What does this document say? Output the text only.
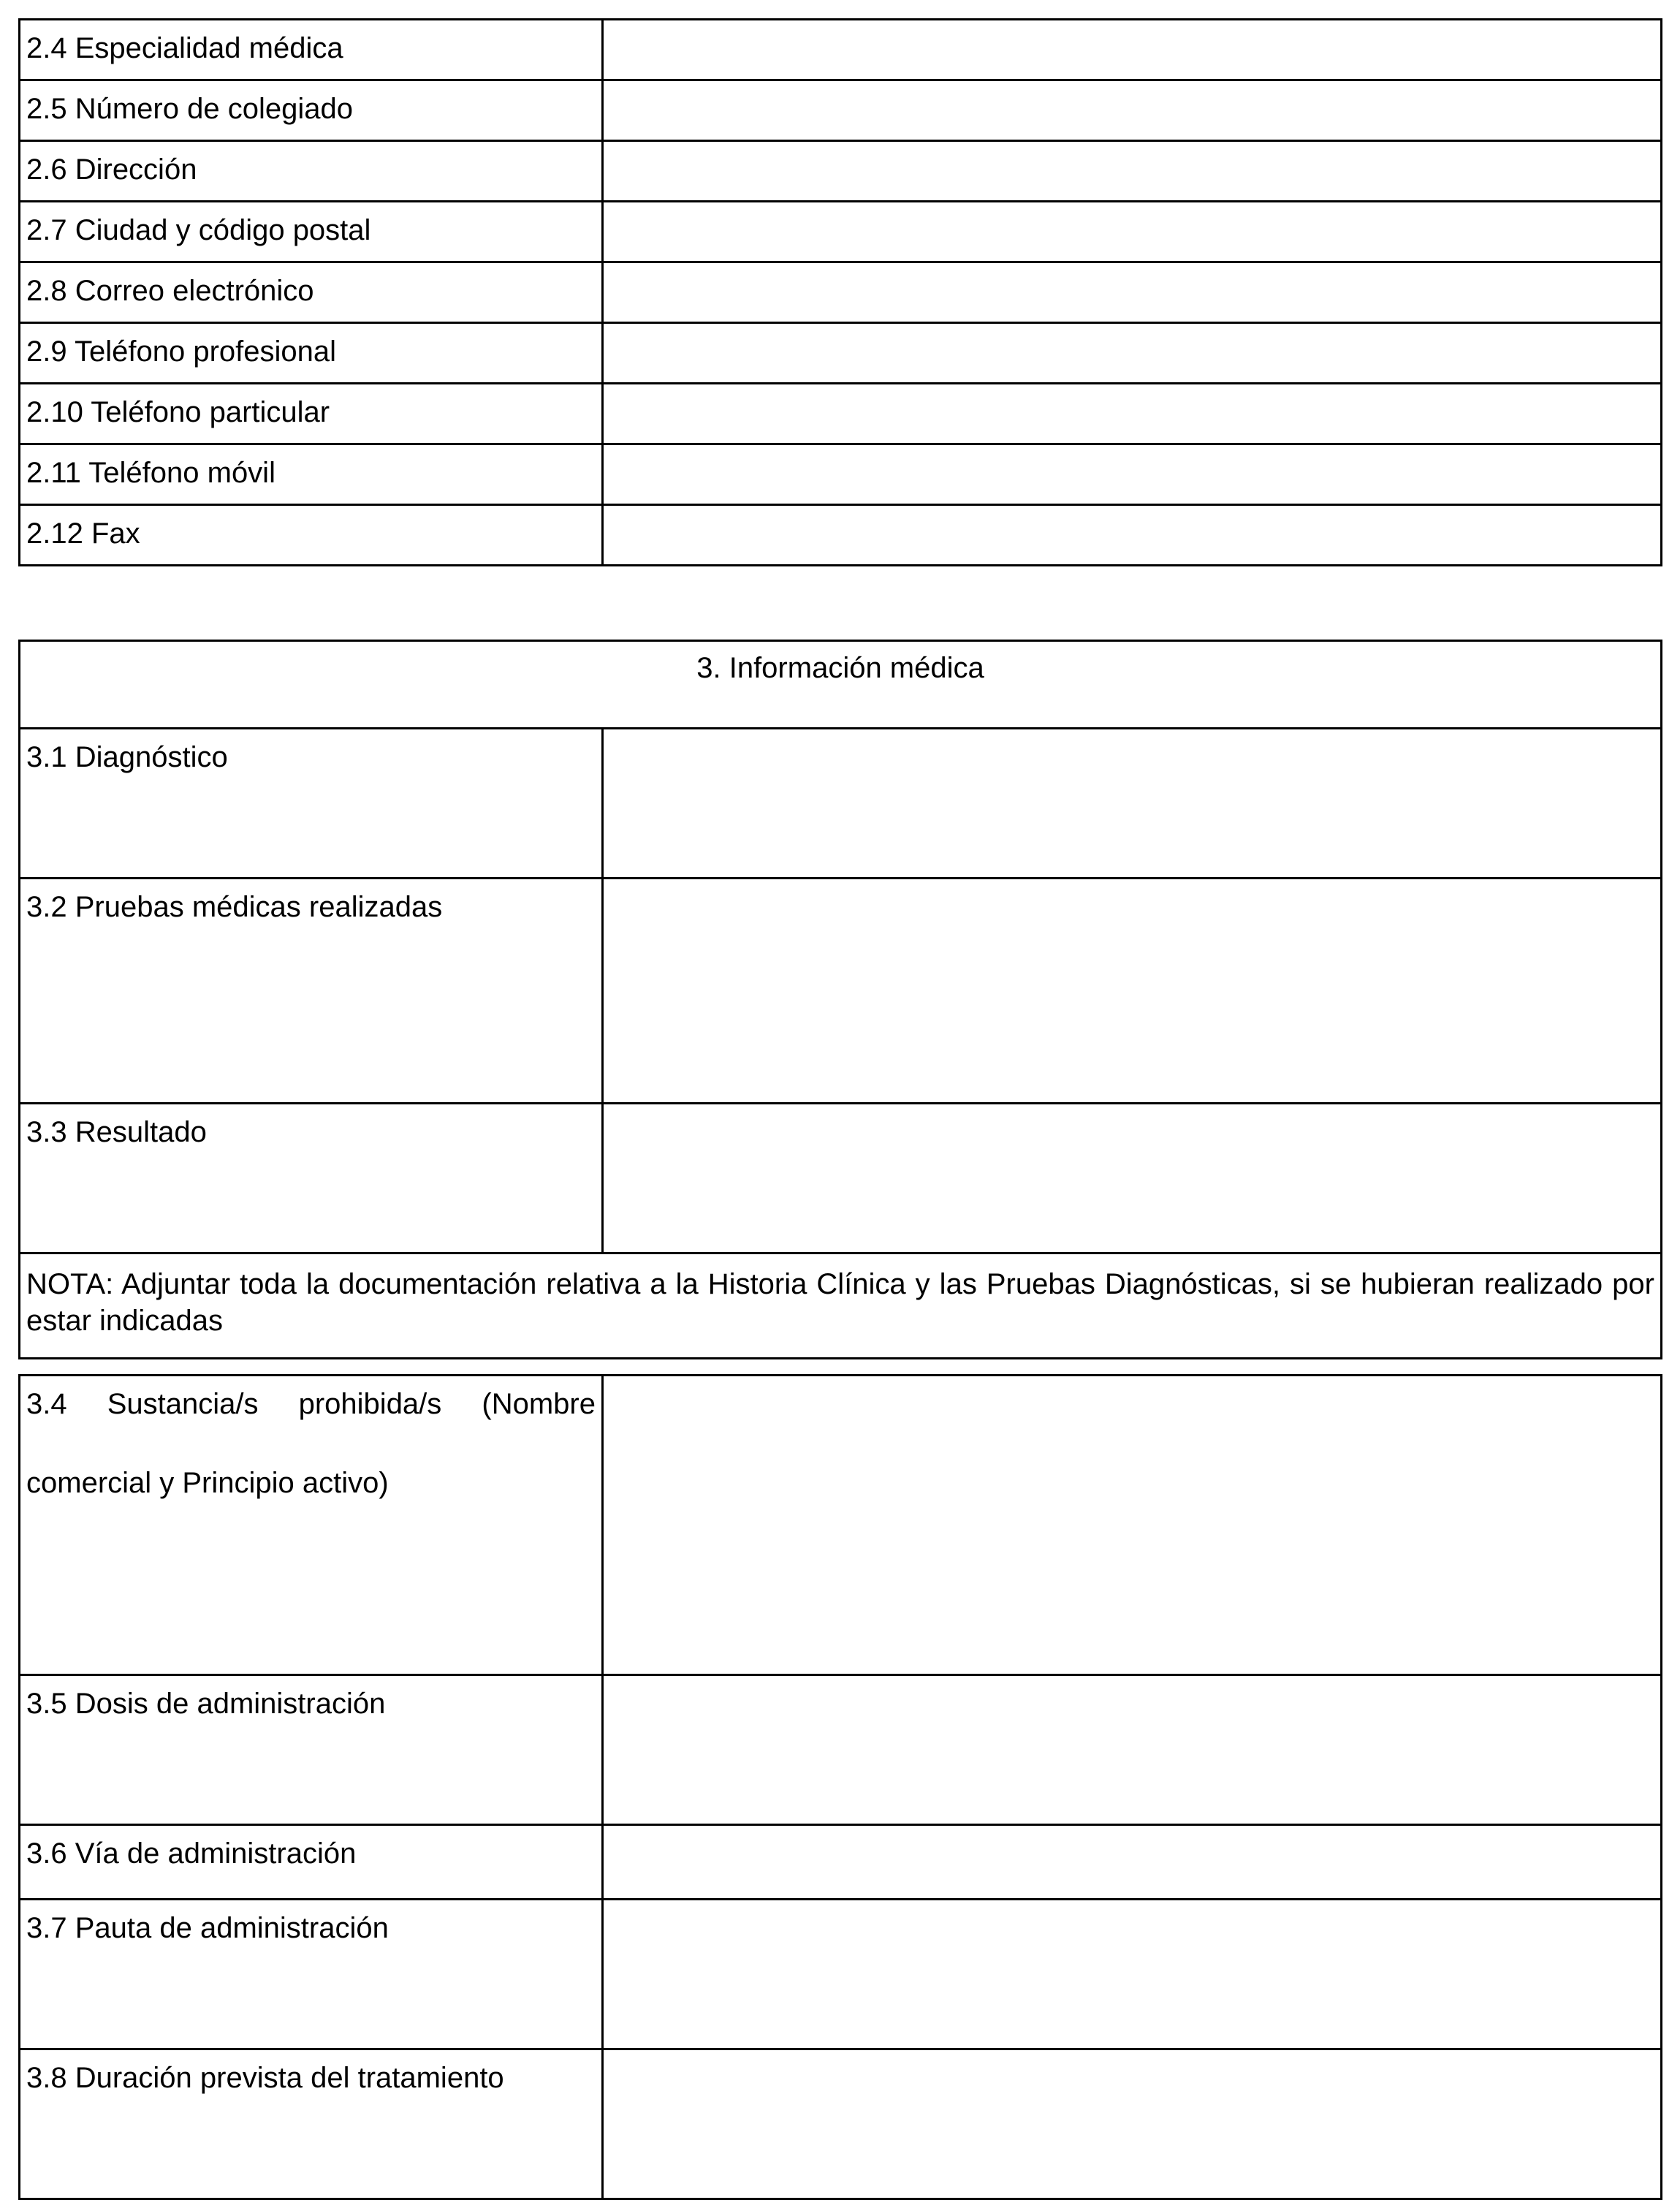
2.4 Especialidad médica	
2.5 Número de colegiado	
2.6 Dirección	
2.7 Ciudad y código postal	
2.8 Correo electrónico	
2.9 Teléfono profesional	
2.10 Teléfono particular	
2.11 Teléfono móvil	
2.12 Fax	
3. Información médica	
3.1 Diagnóstico	
3.2 Pruebas médicas realizadas	
3.3 Resultado	
NOTA: Adjuntar toda la documentación relativa a la Historia Clínica y las Pruebas Diagnósticas, si se hubieran realizado por estar indicadas	
3.4 Sustancia/s prohibida/s (Nombre
comercial y Principio activo)	

3.5 Dosis de administración	
3.6 Vía de administración	
3.7 Pauta de administración	
3.8 Duración prevista del tratamiento	
